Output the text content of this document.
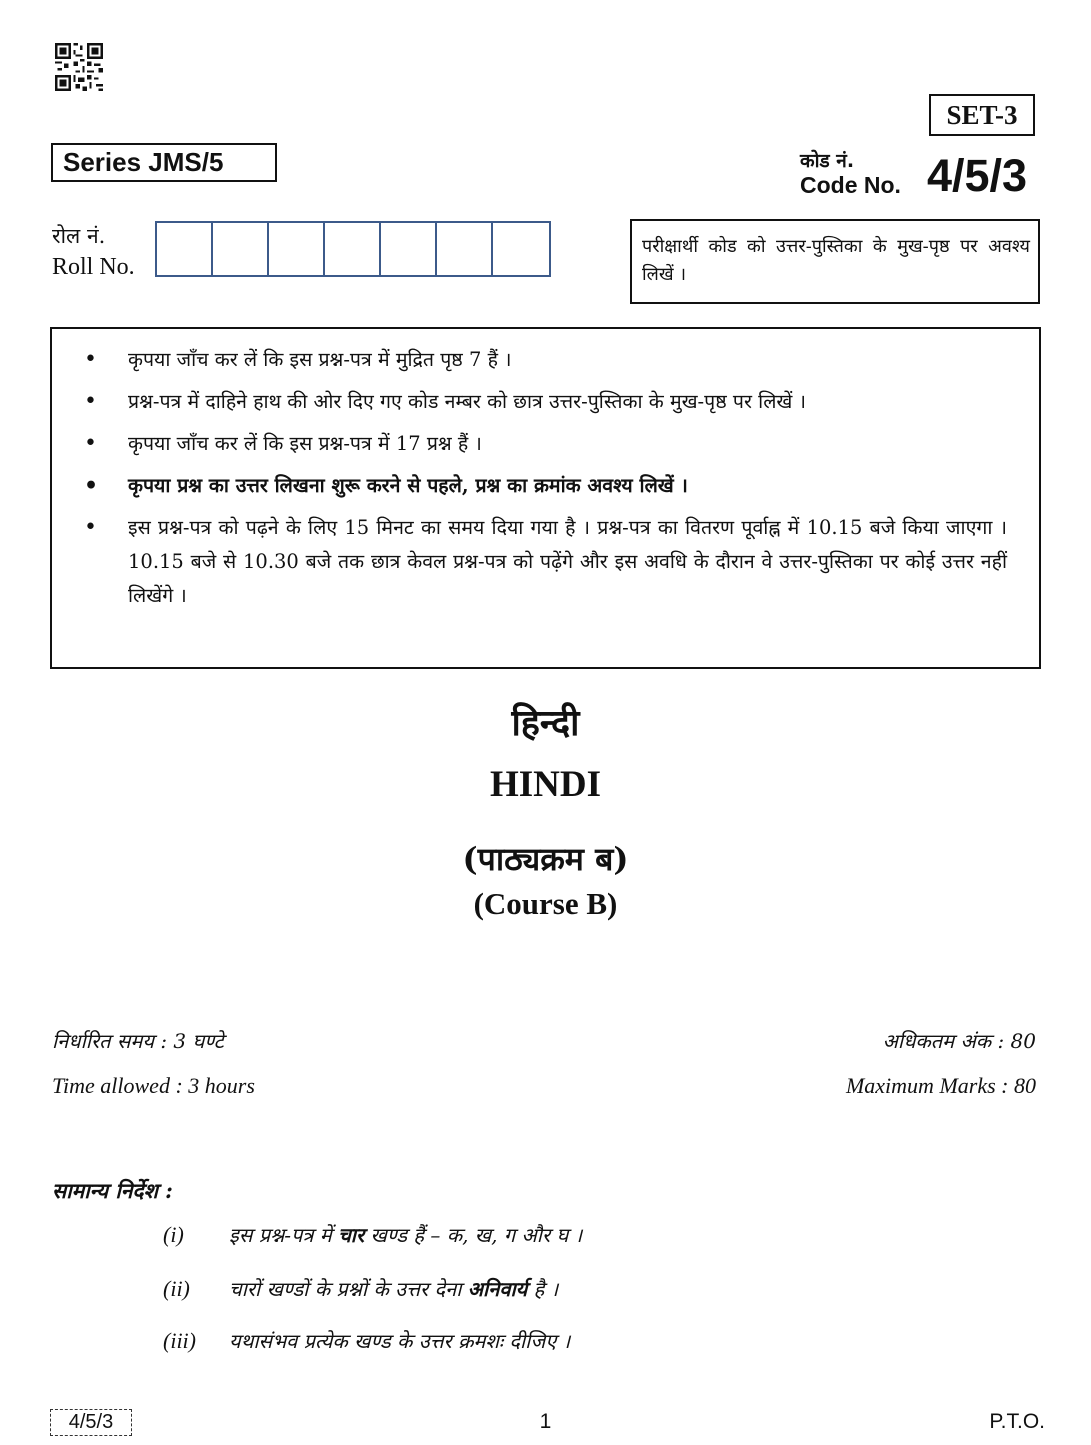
SET-3
Series JMS/5	कोड नं.
Code No. 4/5/3
रोल नं.
Roll No.
परीक्षार्थी कोड को उत्तर-पुस्तिका के मुख-पृष्ठ पर अवश्य लिखें ।
• कृपया जाँच कर लें कि इस प्रश्न-पत्र में मुद्रित पृष्ठ 7 हैं ।
• प्रश्न-पत्र में दाहिने हाथ की ओर दिए गए कोड नम्बर को छात्र उत्तर-पुस्तिका के मुख-पृष्ठ पर लिखें ।
• कृपया जाँच कर लें कि इस प्रश्न-पत्र में 17 प्रश्न हैं ।
• कृपया प्रश्न का उत्तर लिखना शुरू करने से पहले, प्रश्न का क्रमांक अवश्य लिखें ।
• इस प्रश्न-पत्र को पढ़ने के लिए 15 मिनट का समय दिया गया है । प्रश्न-पत्र का वितरण पूर्वाह्न में 10.15 बजे किया जाएगा । 10.15 बजे से 10.30 बजे तक छात्र केवल प्रश्न-पत्र को पढ़ेंगे और इस अवधि के दौरान वे उत्तर-पुस्तिका पर कोई उत्तर नहीं लिखेंगे ।
हिन्दी
HINDI
(पाठ्यक्रम ब)
(Course B)
निर्धारित समय : 3 घण्टे
Time allowed : 3 hours
अधिकतम अंक : 80
Maximum Marks : 80
सामान्य निर्देश :
(i) इस प्रश्न-पत्र में चार खण्ड हैं – क, ख, ग और घ ।
(ii) चारों खण्डों के प्रश्नों के उत्तर देना अनिवार्य है ।
(iii) यथासंभव प्रत्येक खण्ड के उत्तर क्रमशः दीजिए ।
4/5/3	1	P.T.O.
